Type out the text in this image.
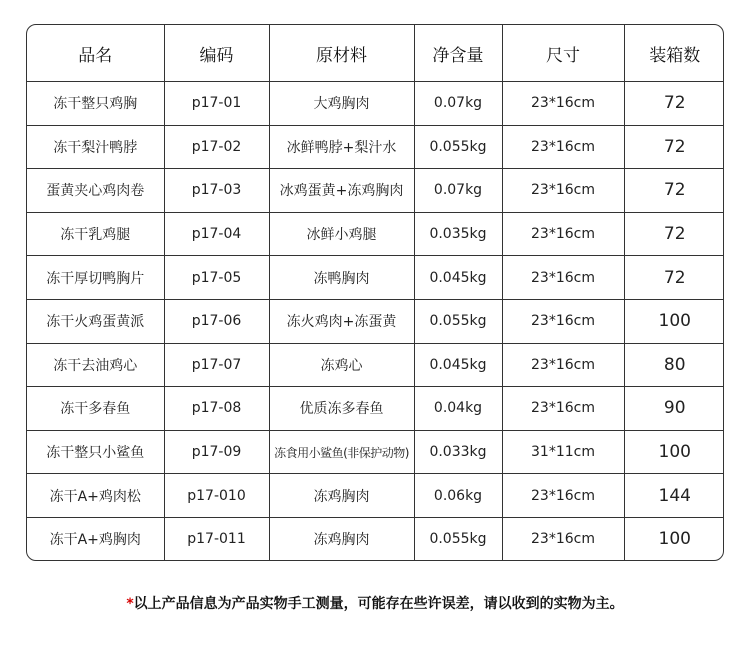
品名	编码	原材料	净含量	尺寸	装箱数
冻干整只鸡胸	p17-01	大鸡胸肉	0.07kg	23*16cm	72
冻干梨汁鸭脖	p17-02	冰鲜鸭脖+梨汁水	0.055kg	23*16cm	72
蛋黄夹心鸡肉卷	p17-03	冰鸡蛋黄+冻鸡胸肉	0.07kg	23*16cm	72
冻干乳鸡腿	p17-04	冰鲜小鸡腿	0.035kg	23*16cm	72
冻干厚切鸭胸片	p17-05	冻鸭胸肉	0.045kg	23*16cm	72
冻干火鸡蛋黄派	p17-06	冻火鸡肉+冻蛋黄	0.055kg	23*16cm	100
冻干去油鸡心	p17-07	冻鸡心	0.045kg	23*16cm	80
冻干多春鱼	p17-08	优质冻多春鱼	0.04kg	23*16cm	90
冻干整只小鲨鱼	p17-09	冻食用小鲨鱼(非保护动物)	0.033kg	31*11cm	100
冻干A+鸡肉松	p17-010	冻鸡胸肉	0.06kg	23*16cm	144
冻干A+鸡胸肉	p17-011	冻鸡胸肉	0.055kg	23*16cm	100
*以上产品信息为产品实物手工测量，可能存在些许误差，请以收到的实物为主。
